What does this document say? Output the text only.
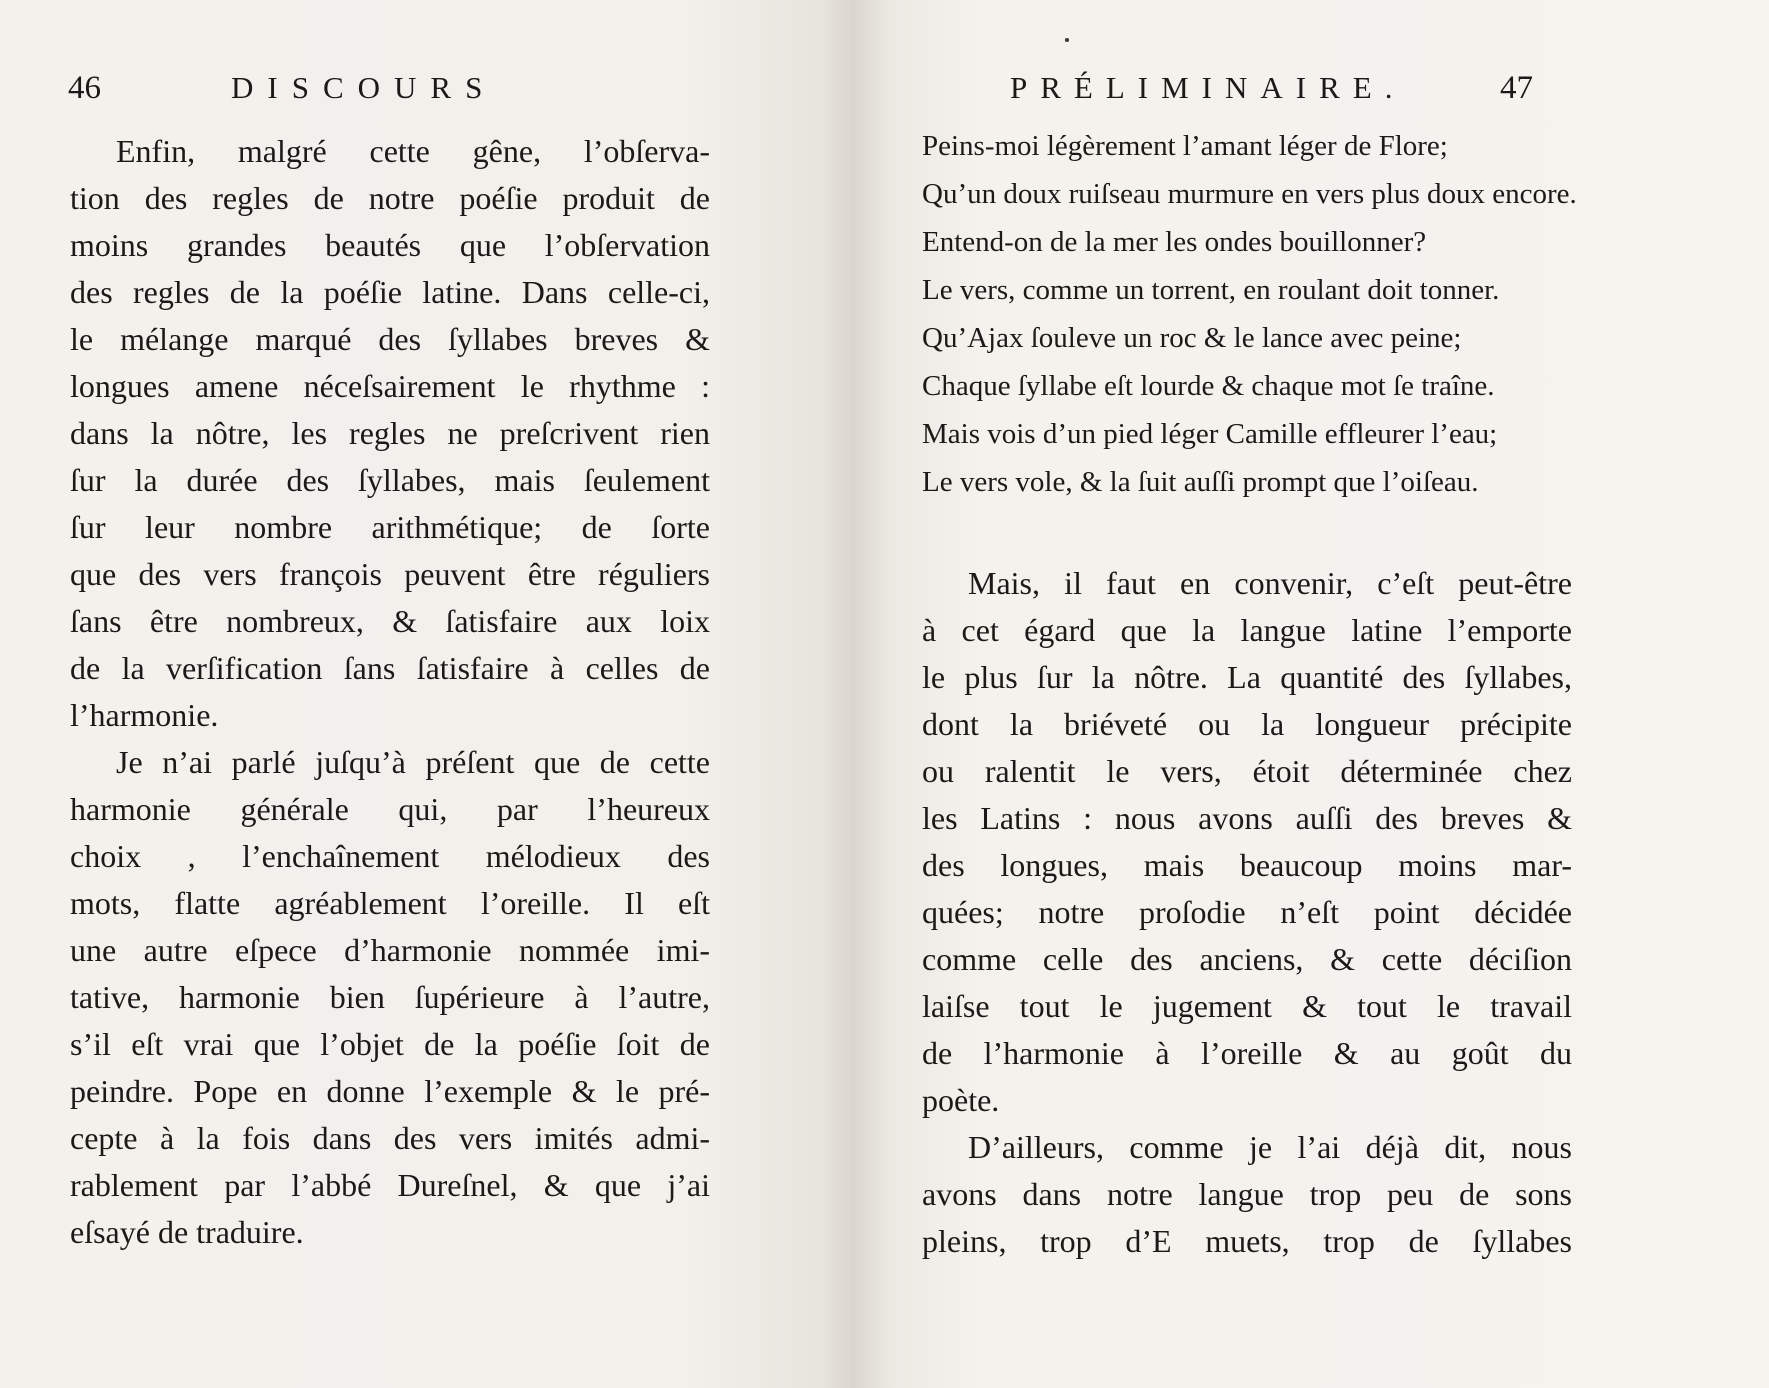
46	DISCOURS

Enfin, malgré cette gêne, l’obſerva-
tion des regles de notre poéſie produit de
moins grandes beautés que l’obſervation
des regles de la poéſie latine. Dans celle-ci,
le mélange marqué des ſyllabes breves &
longues amene néceſsairement le rhythme :
dans la nôtre, les regles ne preſcrivent rien
ſur la durée des ſyllabes, mais ſeulement
ſur leur nombre arithmétique; de ſorte
que des vers françois peuvent être réguliers
ſans être nombreux, & ſatisfaire aux loix
de la verſification ſans ſatisfaire à celles de
l’harmonie.

Je n’ai parlé juſqu’à préſent que de cette
harmonie générale qui, par l’heureux
choix , l’enchaînement mélodieux des
mots, flatte agréablement l’oreille. Il eſt
une autre eſpece d’harmonie nommée imi-
tative, harmonie bien ſupérieure à l’autre,
s’il eſt vrai que l’objet de la poéſie ſoit de
peindre. Pope en donne l’exemple & le pré-
cepte à la fois dans des vers imités admi-
rablement par l’abbé Dureſnel, & que j’ai
eſsayé de traduire.

PRÉLIMINAIRE.	47
Peins-moi légèrement l’amant léger de Flore;
Qu’un doux ruiſseau murmure en vers plus doux encore.
Entend-on de la mer les ondes bouillonner?
Le vers, comme un torrent, en roulant doit tonner.
Qu’Ajax ſouleve un roc & le lance avec peine;
Chaque ſyllabe eſt lourde & chaque mot ſe traîne.
Mais vois d’un pied léger Camille effleurer l’eau;
Le vers vole, & la ſuit auſſi prompt que l’oiſeau.

Mais, il faut en convenir, c’eſt peut-être
à cet égard que la langue latine l’emporte
le plus ſur la nôtre. La quantité des ſyllabes,
dont la briéveté ou la longueur précipite
ou ralentit le vers, étoit déterminée chez
les Latins : nous avons auſſi des breves &
des longues, mais beaucoup moins mar-
quées; notre proſodie n’eſt point décidée
comme celle des anciens, & cette déciſion
laiſse tout le jugement & tout le travail
de l’harmonie à l’oreille & au goût du
poète.

D’ailleurs, comme je l’ai déjà dit, nous
avons dans notre langue trop peu de sons
pleins, trop d’E muets, trop de ſyllabes
